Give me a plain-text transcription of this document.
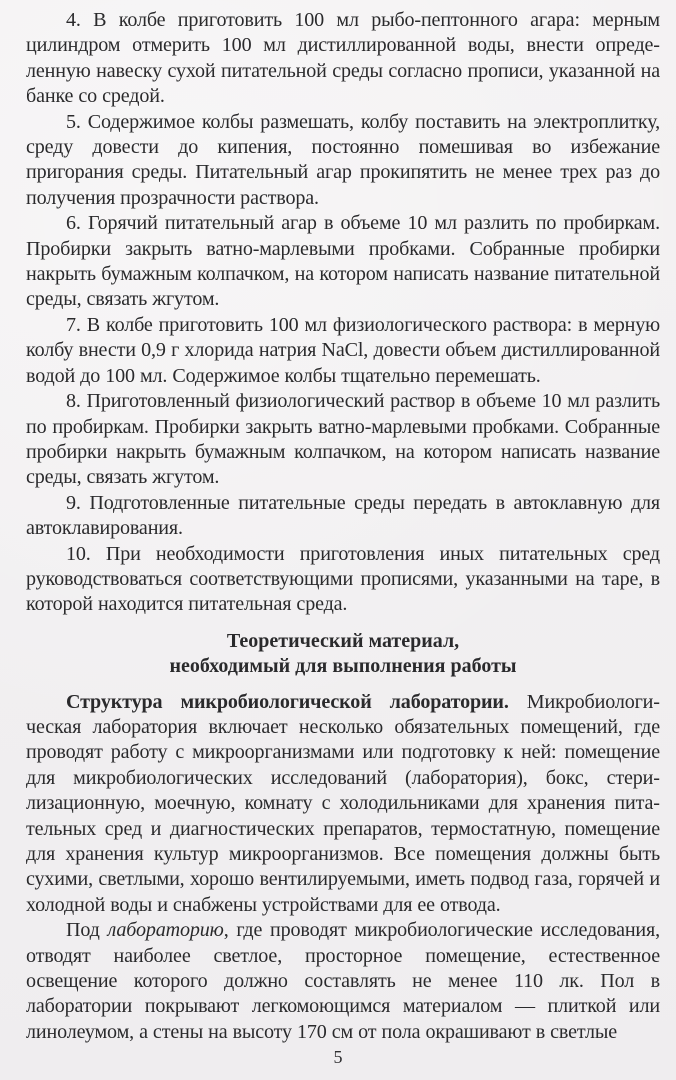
4. В колбе приготовить 100 мл рыбо-пептонного агара: мерным цилиндром отмерить 100 мл дистиллированной воды, внести определенную навеску сухой питательной среды согласно прописи, указанной на банке со средой.

5. Содержимое колбы размешать, колбу поставить на электроплитку, среду довести до кипения, постоянно помешивая во избежание пригорания среды. Питательный агар прокипятить не менее трех раз до получения прозрачности раствора.

6. Горячий питательный агар в объеме 10 мл разлить по пробиркам. Пробирки закрыть ватно-марлевыми пробками. Собранные пробирки накрыть бумажным колпачком, на котором написать название питательной среды, связать жгутом.

7. В колбе приготовить 100 мл физиологического раствора: в мерную колбу внести 0,9 г хлорида натрия NaCl, довести объем дистиллированной водой до 100 мл. Содержимое колбы тщательно перемешать.

8. Приготовленный физиологический раствор в объеме 10 мл разлить по пробиркам. Пробирки закрыть ватно-марлевыми пробками. Собранные пробирки накрыть бумажным колпачком, на котором написать название среды, связать жгутом.

9. Подготовленные питательные среды передать в автоклавную для автоклавирования.

10. При необходимости приготовления иных питательных сред руководствоваться соответствующими прописями, указанными на таре, в которой находится питательная среда.

Теоретический материал,
необходимый для выполнения работы

Структура микробиологической лаборатории. Микробиологическая лаборатория включает несколько обязательных помещений, где проводят работу с микроорганизмами или подготовку к ней: помещение для микробиологических исследований (лаборатория), бокс, стерилизационную, моечную, комнату с холодильниками для хранения питательных сред и диагностических препаратов, термостатную, помещение для хранения культур микроорганизмов. Все помещения должны быть сухими, светлыми, хорошо вентилируемыми, иметь подвод газа, горячей и холодной воды и снабжены устройствами для ее отвода.

Под лабораторию, где проводят микробиологические исследования, отводят наиболее светлое, просторное помещение, естественное освещение которого должно составлять не менее 110 лк. Пол в лаборатории покрывают легкомоющимся материалом — плиткой или линолеумом, а стены на высоту 170 см от пола окрашивают в светлые

5
